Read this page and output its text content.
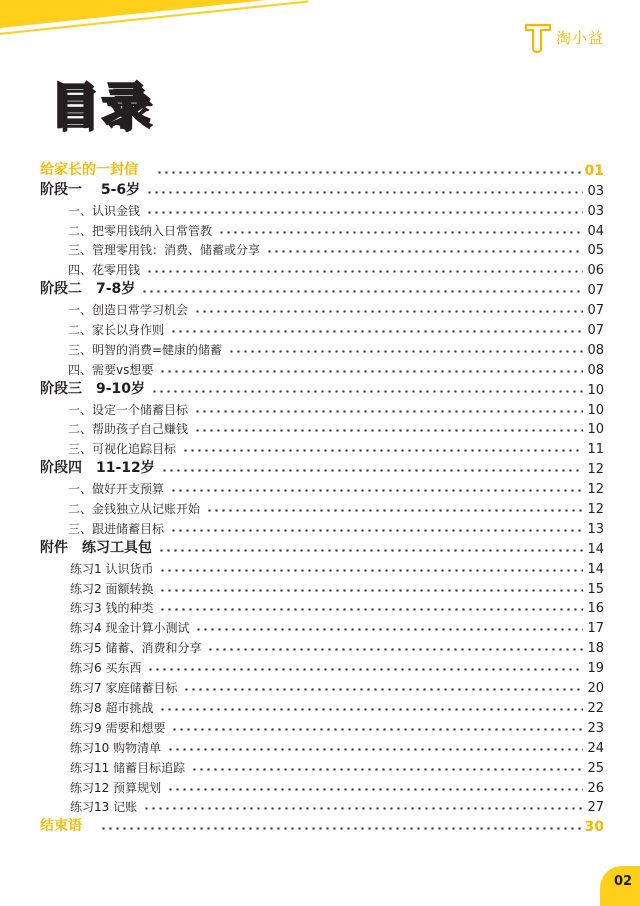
淘小益
目录
给家长的一封信	01
阶段一　 5-6岁	03
一、认识金钱	03
二、把零用钱纳入日常管教	04
三、管理零用钱：消费、储蓄或分享	05
四、花零用钱	06
阶段二　7-8岁	07
一、创造日常学习机会	07
二、家长以身作则	07
三、明智的消费=健康的储蓄	08
四、需要vs想要	08
阶段三　9-10岁	10
一、设定一个储蓄目标	10
二、帮助孩子自己赚钱	10
三、可视化追踪目标	11
阶段四　11-12岁	12
一、做好开支预算	12
二、金钱独立从记账开始	12
三、跟进储蓄目标	13
附件　练习工具包	14
练习1 认识货币	14
练习2 面额转换	15
练习3 钱的种类	16
练习4 现金计算小测试	17
练习5 储蓄、消费和分享	18
练习6 买东西	19
练习7 家庭储蓄目标	20
练习8 超市挑战	22
练习9 需要和想要	23
练习10 购物清单	24
练习11 储蓄目标追踪	25
练习12 预算规划	26
练习13 记账	27
结束语	30
02
